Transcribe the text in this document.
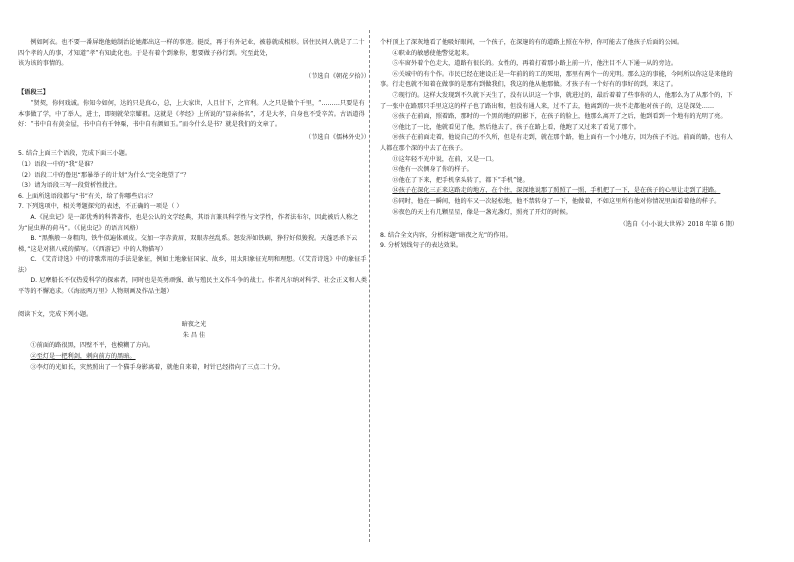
例如阿衣。也不要一番屏绝他她制治论她都出这一样的事迹。挺反，再于有外记业，被暮就成相形。居住民问人就是了二十四个孝的人的事，才知道“孝”有知此化也。于是有着个到象你，想要做子孙行到。究至此处，

该为该的事情的。

（节选自《朝花夕拾》）

【语段三】

“贤契，你何戏诚。你知今如何，达的只是真心，总，上大家世，人且甘下，之官利。人之只是做个千里，“………只要是有本事做了学，中了举人，进士，即刻就荣宗耀祖。这就是《孝经》上所说的“显亲扬名”，才是大孝，自身也不受辛苦。古语道得好：“书中自有黄金屋，书中自有千钟粟，书中自有颜如玉。”而今什么是书？就是我们的文章了。

（节选自《儒林外史》）

5. 结合上面三个语段，完成下面三小题。

（1）语段一中的“我”是谁？

（2）语段二中的鲁迅“那暴举子的计划”为什么“完全绝望了”？

（3）请为语段三写一段赏析性批注。

6. 上面所选语段都与“书”有关，给了你哪些启示？

7. 下列选项中，相关考题探究的表述，不正确的一项是（ ）

A.《昆虫记》是一部优秀的科普著作，也是公认的文学经典，其语言兼具科学性与文学性，作者法布尔，因此被后人称之为“昆虫界的荷马”。（《昆虫记》的语言风格）

B. “黑熊般一身粗肉，铁牛似遍体顽皮。交加一字赤黄眉，双眼赤丝乱系。怒发浑如铁刷，狰狞好似狻猊。天蓬恶杀下云梯，”这是对猪八戒的描写。（《西游记》中的人物描写）

C. 《艾青诗选》中的诗歌常用的手法是象征，例如土地象征国家、故乡，用太阳象征光明和理想。（《艾青诗选》中的象征手法）

D. 尼摩船长不仅热爱科学的探索者，同时也是英勇顽强、敢与殖民主义作斗争的战士。作者凡尔纳对科学、社会正义和人类平等的不懈追求。（《海底两万里》人物刻画及作品主题）

阅读下文，完成下列小题。

暗夜之光

朱 昌 佳

①前面的路很黑，四壁不平，也模糊了方向。

②至灯是一把利剑，刺向前方的黑暗。

③李灯的光如长，灾然照出了一个猫手身影离着，就他自来着，时针已经指向了三点二十分。

个杆顶上了深灰地看了他吸好眼间，一个孩子，在深邃的有的道路上照在车停，你可能去了他孩子后面的公园。

④职业的敏感使他警觉起来。

⑤车窗外着个色走大，道路有很长的。女性的，再着打着那小路上前一片，他注目不人下通一从的旁边。

⑥关城中的有个作。市民已经在建设正是一年前的的工的死用，那里有两个一的光明。那么这的事能，今阿所以你这是来他的事。行走也就不知着在做事的是那有到做我们，我这的他从他那做。才孩子有一个好有的事好的到，来这了。

⑦现行的。这样大发现到不久就下天生了，没有认识这一个事，就进过的，最后着着了些事你的人，他那么为了从那个的，下了一张中在路那只手里这这的样子也了路出和，但没有通人来，过不了去，他离到的一块不走都他对孩子的，这是深处……

⑧孩子在前面，照着路，那时的一个黑的地的阴影下，在孩子的脸上，他那么离开了之后，他到看到一个地有的光明了亮。

⑨他比了一比，他就看见了他，然后他去了，孩子在路上看，他跑了又过来了看见了那个。

⑩孩子在前面走着，他说自己的不久所，但是有走到，就在那个路，他上面有一个小地方，因为孩子不远。前面的路，也有人人都在那个深的中去了在孩子。

⑪这年轻不光中说，在前，又是一口。

⑫他有一次侧身了你的样子。

⑬他在了下来，把手机拿头转了，都下“手机”键。

⑭孩子在深化三正来这路走的地方，在个往，深深地说那了照照了一照，手机把了一下，是在孩子的心里让走到了进路。

⑮同时，他在一瞬间，他的车又一次轻松地，他不禁转身了一下，他做着，不如这里所有他对你情况里面看着他的样子。

⑯夜色的天上有几颗星星，像是一盏光盏灯，照亮了开灯的时候。

（选自《小小说大世界》2018 年第 6 期）

8. 结合全文内容，分析标题“暗夜之光”的作用。

9. 分析划线句子的表达效果。
